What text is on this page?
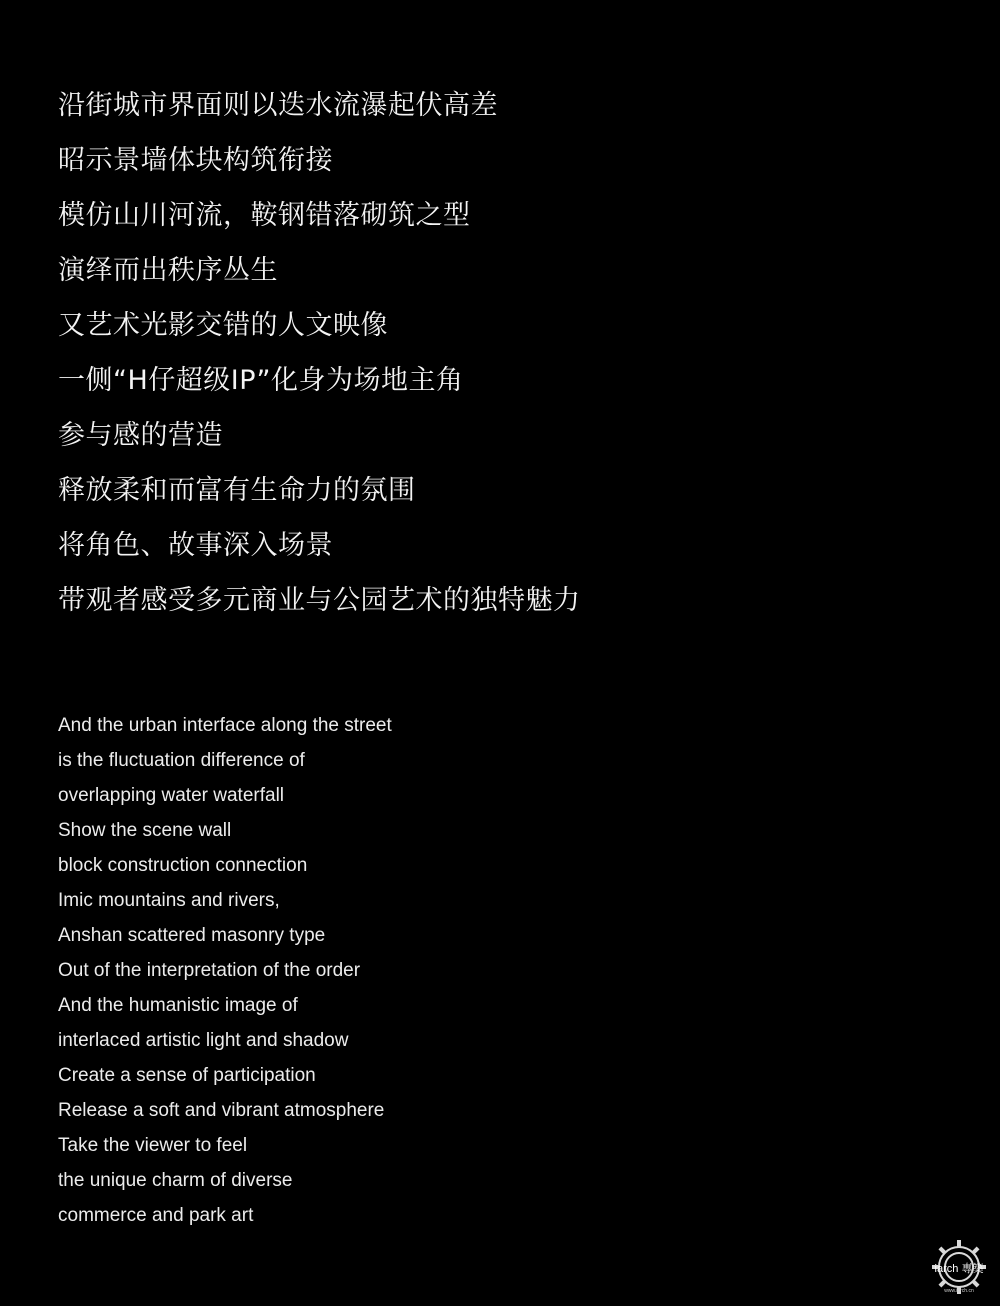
沿街城市界面则以迭水流瀑起伏高差
昭示景墙体块构筑衔接
模仿山川河流，鞍钢错落砌筑之型
演绎而出秩序丛生
又艺术光影交错的人文映像
一侧“H仔超级IP”化身为场地主角
参与感的营造
释放柔和而富有生命力的氛围
将角色、故事深入场景
带观者感受多元商业与公园艺术的独特魅力
And the urban interface along the street
is the fluctuation difference of
overlapping water waterfall
Show the scene wall
block construction connection
Imic mountains and rivers,
Anshan scattered masonry type
Out of the interpretation of the order
And the humanistic image of
interlaced artistic light and shadow
Create a sense of participation
Release a soft and vibrant atmosphere
Take the viewer to feel
the unique charm of diverse
commerce and park art
iarch 專築
www.iarch.cn
